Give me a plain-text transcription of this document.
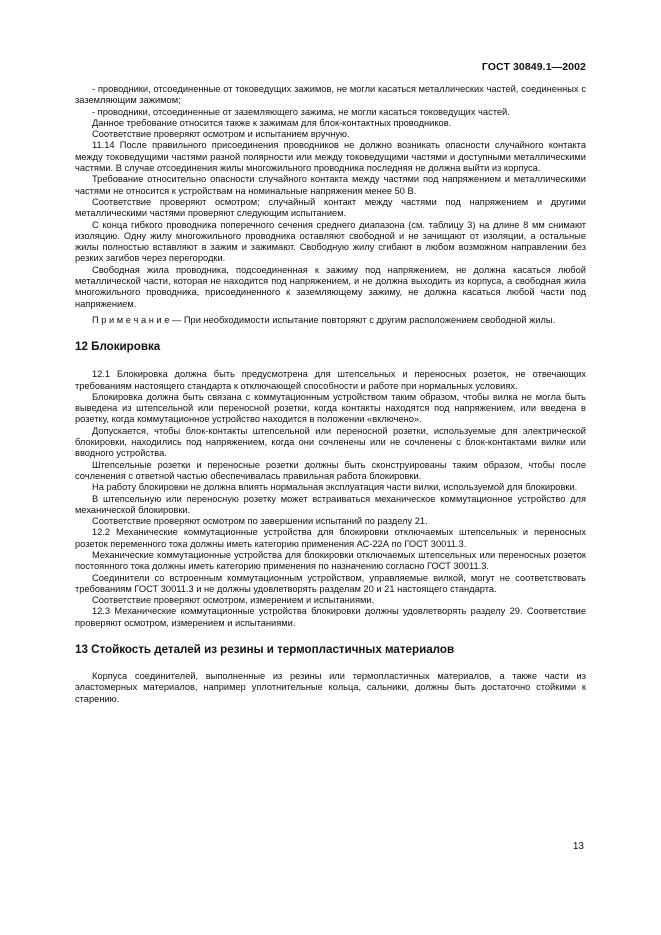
ГОСТ 30849.1—2002

- проводники, отсоединенные от токоведущих зажимов, не могли касаться металлических частей, соединенных с заземляющим зажимом;

- проводники, отсоединенные от заземляющего зажима, не могли касаться токоведущих частей.

Данное требование относится также к зажимам для блок-контактных проводников.

Соответствие проверяют осмотром и испытанием вручную.

11.14 После правильного присоединения проводников не должно возникать опасности случайного контакта между токоведущими частями разной полярности или между токоведущими частями и доступными металлическими частями. В случае отсоединения жилы многожильного проводника последняя не должна выйти из корпуса.

Требование относительно опасности случайного контакта между частями под напряжением и металлическими частями не относится к устройствам на номинальные напряжения менее 50 В.

Соответствие проверяют осмотром; случайный контакт между частями под напряжением и другими металлическими частями проверяют следующим испытанием.

С конца гибкого проводника поперечного сечения среднего диапазона (см. таблицу 3) на длине 8 мм снимают изоляцию. Одну жилу многожильного проводника оставляют свободной и не зачищают от изоляции, а остальные жилы полностью вставляют в зажим и зажимают. Свободную жилу сгибают в любом возможном направлении без резких загибов через перегородки.

Свободная жила проводника, подсоединенная к зажиму под напряжением, не должна касаться любой металлической части, которая не находится под напряжением, и не должна выходить из корпуса, а свободная жила многожильного проводника, присоединенного к заземляющему зажиму, не должна касаться любой части под напряжением.

П р и м е ч а н и е — При необходимости испытание повторяют с другим расположением свободной жилы.

12 Блокировка

12.1 Блокировка должна быть предусмотрена для штепсельных и переносных розеток, не отвечающих требованиям настоящего стандарта к отключающей способности и работе при нормальных условиях.

Блокировка должна быть связана с коммутационным устройством таким образом, чтобы вилка не могла быть выведена из штепсельной или переносной розетки, когда контакты находятся под напряжением, или введена в розетку, когда коммутационное устройство находится в положении «включено».

Допускается, чтобы блок-контакты штепсельной или переносной розетки, используемые для электрической блокировки, находились под напряжением, когда они сочленены или не сочленены с блок-контактами вилки или вводного устройства.

Штепсельные розетки и переносные розетки должны быть сконструированы таким образом, чтобы после сочленения с ответной частью обеспечивалась правильная работа блокировки.

На работу блокировки не должна влиять нормальная эксплуатация части вилки, используемой для блокировки.

В штепсельную или переносную розетку может встраиваться механическое коммутационное устройство для механической блокировки.

Соответствие проверяют осмотром по завершении испытаний по разделу 21.

12.2 Механические коммутационные устройства для блокировки отключаемых штепсельных и переносных розеток переменного тока должны иметь категорию применения АС-22А по ГОСТ 30011.3.

Механические коммутационные устройства для блокировки отключаемых штепсельных или переносных розеток постоянного тока должны иметь категорию применения по назначению согласно ГОСТ 30011.3.

Соединители со встроенным коммутационным устройством, управляемые вилкой, могут не соответствовать требованиям ГОСТ 30011.3 и не должны удовлетворять разделам 20 и 21 настоящего стандарта.

Соответствие проверяют осмотром, измерением и испытаниями.

12.3 Механические коммутационные устройства блокировки должны удовлетворять разделу 29. Соответствие проверяют осмотром, измерением и испытаниями.

13 Стойкость деталей из резины и термопластичных материалов

Корпуса соединителей, выполненные из резины или термопластичных материалов, а также части из эластомерных материалов, например уплотнительные кольца, сальники, должны быть достаточно стойкими к старению.

13
